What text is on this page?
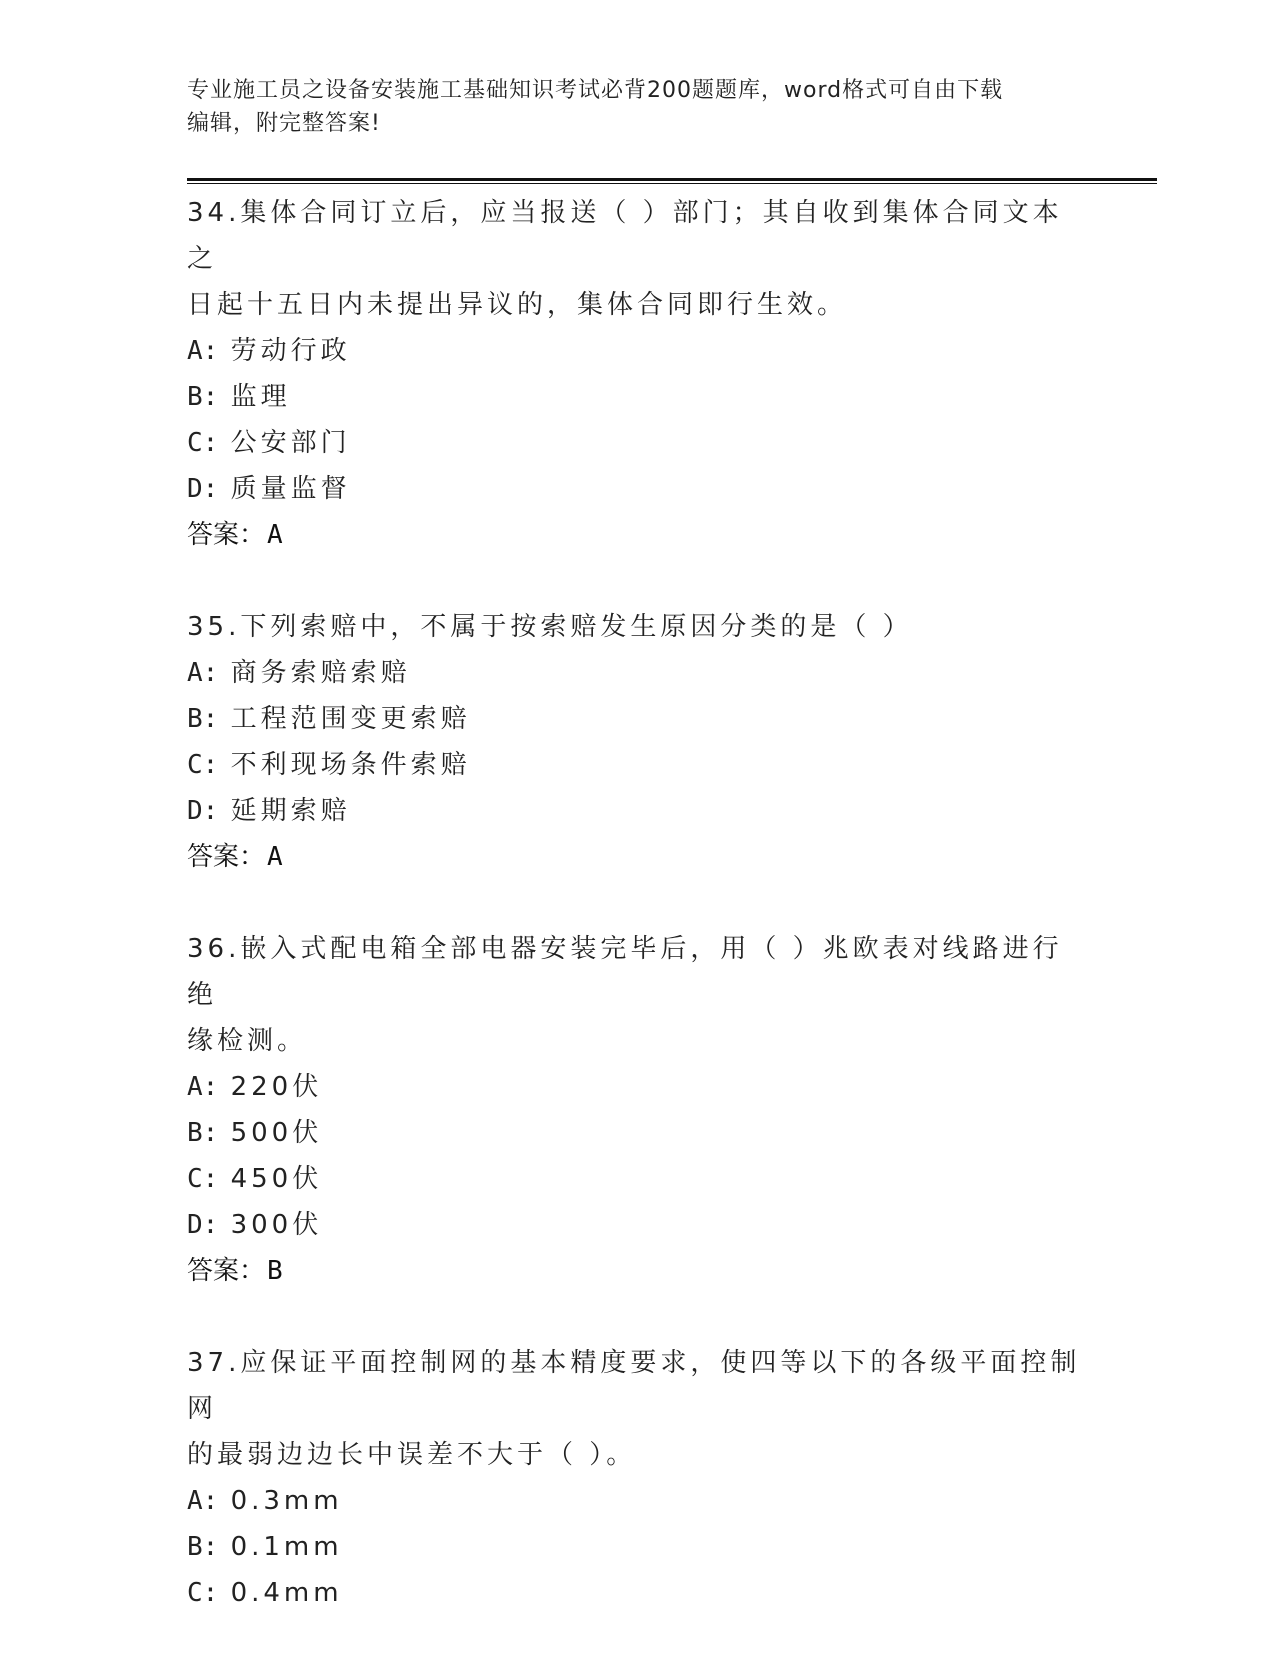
专业施工员之设备安装施工基础知识考试必背200题题库，word格式可自由下载
编辑，附完整答案!
34.集体合同订立后，应当报送（ ）部门；其自收到集体合同文本之
日起十五日内未提出异议的，集体合同即行生效。
A: 劳动行政
B: 监理
C: 公安部门
D: 质量监督
答案：A
35.下列索赔中，不属于按索赔发生原因分类的是（ ）
A: 商务索赔索赔
B: 工程范围变更索赔
C: 不利现场条件索赔
D: 延期索赔
答案：A
36.嵌入式配电箱全部电器安装完毕后，用（ ）兆欧表对线路进行绝
缘检测。
A: 220伏
B: 500伏
C: 450伏
D: 300伏
答案：B
37.应保证平面控制网的基本精度要求，使四等以下的各级平面控制网
的最弱边边长中误差不大于（ ）。
A: 0.3mm
B: 0.1mm
C: 0.4mm
